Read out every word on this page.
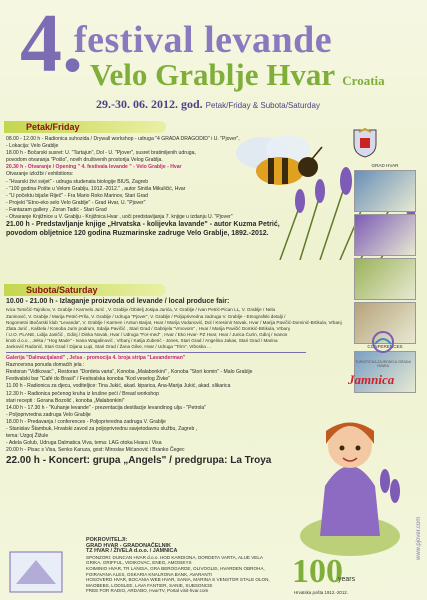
4.
festival levande
Velo Grablje Hvar Croatia
29.-30. 06. 2012. god. Petak/Friday & Subota/Saturday
Petak/Friday
08.00 - 12.00 h - Radionica suhozida / Drywall workshop - udruga "4 GRADA DRAGODID" i U. "Pjover",
- Lokacija: Velo Grablje
18.00 h - Bočarski susret: U. "Tartajun", Dol - U. "Pjover", susret bratimljenih udruga,
povodom otvaranja "Poišo", novih društvenih prostorija Velog Grablja.
20.30 h - Otvaranje / Opening " 4. festivala levande " - Velo Grablje - Hvar
Otvaranje izložbi / exhibitions:
- "Hvarski živi svijet" - udruga studenata biologije BIUS, Zagreb
- "100 godina Pošte u Velom Grablju, 1912.-2012." , autor Siniša Mikuličić, Hvar
- "U počektu bijaše Riječ" - Fra Mario Roko Marinov, Stari Grad
- Projekt "Etno-eko selo Velo Grablje" - Grad Hvar, U. "Pjover"
- Fantazam gallery , Zoran Tadić - Stari Grad
- Otvaranje Knjižnice u V. Grablju - Knjižnica Hvar , uoči predstavljanja 7. knjige u izdanju U. "Pjover"
21.00 h - Predstavljanje knjige „Hrvatska - kolijevka lavande" - autor Kuzma Petrić,
povodom obljetnice 120 godina Ruzmarinske zadruge Velo Grablje, 1892.-2012.
Subota/Saturday
10.00 - 21.00 h - Izlaganje proizvoda od levande / local produce fair:
Ivica Tomičić-Tajnikov, V. Grablje / Karmelo Jurić , V. Grablje /Obitelj Josipa Jurića, V. Grablje / Ivan Petrić-Pican LL, V. Grablje / Nela
Zaninović, V. Grablje / Marija Petrić-Prša, V. Grablje / Udruga "Pjover", V. Grablje / Poljoprivredna zadruga V. Grablje - Etnografski detalji /
Nogometni iBočarski klub "Levanda", V. Grablje / Karmen i Antun Barjat, Hvar / Marija Vodanović, Dol / Kresimir Novak, Hvar / Marija Pavičić-Dominić-Brtikula, Vrbanj
Zlata Jurić , Kaštela / Konoba Jurin podrum, Sdalja Pavičić , Stari Grad / Gabrijela "Vmovom" , Hvar / Marija Pavičić Domkić-Brtikula, Vrbanj
/ U.O. PLANE, Lidija Janičić , Gdinj / Dinka Novak, Hvar / Udruga "For-med" , Hvar / Eko Hvar- PZ Hvar, Hvar / Jurica Ćurin, Gdinj / Ivanos
knob d.o.o. , Jelsa / "Hog Made" - Ivana Wagalinović , Vrbanj / Katija Zuberić - Jones, Stari Grad / Angelina Jakas, Stari Grad / Marina
Janković Radonić, Stari Grad / Dijana Lupi, Stari Grad / Žana Gilve, Hvar / Udruga "Trim", Vrboska ...
Galerija "Dalmacijaland" , Jelsa - promocija 4. broja stripa "Lavanderman"
Raznovrsna ponuda domaćih jela :
Restoran "Vidikovac" , Restoran "Dordeta varta", Konoba „Malabonkini" , Konoba "Stori komin" - Malo Grablje
Festivalski bar "Café do Brasil" / Festivalska konoba "Kod veselog Živke"
11.00 h - Radionica za djecu, voditeljice: Tina Jukić, akad. kiparica, Ana-Marija Jukić, akad. slikarica
12.30 h - Radionica pečenog kruha iz krušne peći / Bread workshop
stari recepti : Gorana Bozolić , konoba „Malabonkini"
14.00 h - 17.30 h - "Kuhanje levande" - prezentacija destilacije levandinog ulja - "Petrola"
- Poljoprivredna zadruga Velo Grablje
18.00 h - Predavanja / conferences - Poljoprivredna zadruga V. Grablje
- Stanislav Štambuk, Hrvatski zavod za poljoprivrednu savjetodavnu službu, Zagreb ,
tema: Uzgoj Žižule
- Adela Golub, Udruga Dalmatica Viva, tema: LAG otoka Hvara i Visa
20.00 h - Pisac s Visa, Senko Karuza, gost: Miroslav Mićanović i Branko Čegec
22.00 h - Koncert: grupa „Angels" / predgrupa: La Troya
GRAD HVAR
CONFERENCES
TURISTIČKA ZAJEDNICA GRADA HVARA
Jamnica
POKROVITELJI:
GRAD HVAR - GRADONAČELNIK
TZ HVAR / ŽIVELA d.o.o. / JAMNICA
SPONZORI: DUNCAN HVAR d.o.o. HOD KARDIONA, DORDETA VARTA, ALUE VELA GRIKA, GRIFFUL, VIDIKOVAC, ENEG, AMOSIEYS
KOIMINIO HVAR, TR LANGIA, GRA BEROGARDE, OLIVOGLEI, HVARDEN OBROHA, FOIRAVANA ALES, OSKARIA KNALRONA BANK, AVARANTI
HOSOVERD HVAR, BOCANIA WEB HVAR, SANIA, MARINA S VENSTOR STALE OLON, MAOBEBS, LODSLEE, LAVA FANTIER, SANIE, SUBSONCIE
FREE FOR RADIO, ARDABO, HvarTV, Portal visit-hvar.com
100
years
Hrvatska pošta 1912.-2012.
www.pjover.com
